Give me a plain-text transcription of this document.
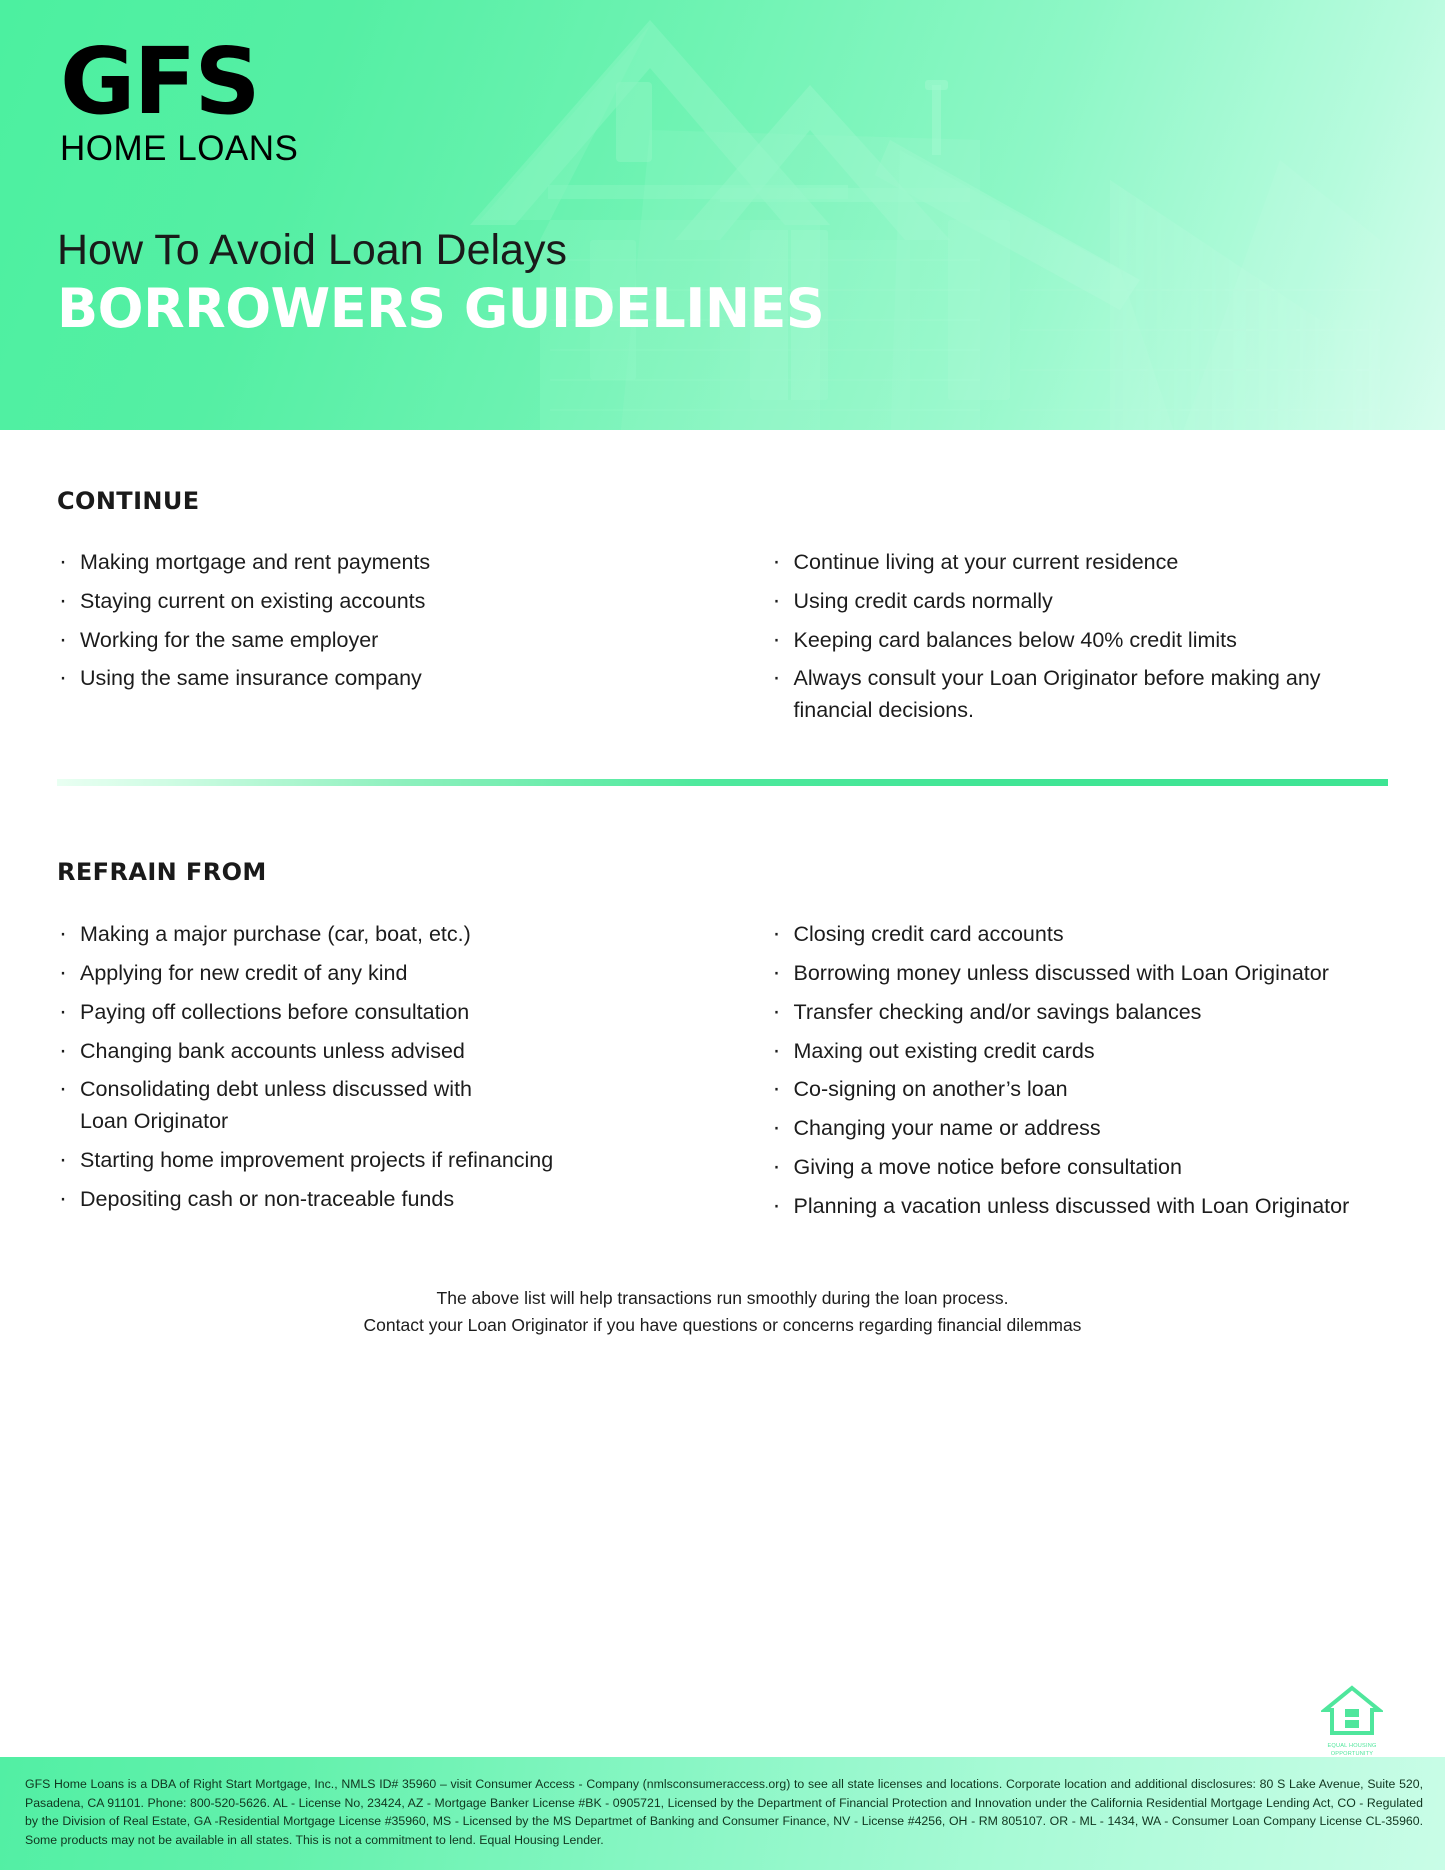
GFS
HOME LOANS
How To Avoid Loan Delays
BORROWERS GUIDELINES
CONTINUE
· Making mortgage and rent payments
· Staying current on existing accounts
· Working for the same employer
· Using the same insurance company
· Continue living at your current residence
· Using credit cards normally
· Keeping card balances below 40% credit limits
· Always consult your Loan Originator before making any financial decisions.
REFRAIN FROM
· Making a major purchase (car, boat, etc.)
· Applying for new credit of any kind
· Paying off collections before consultation
· Changing bank accounts unless advised
· Consolidating debt unless discussed with Loan Originator
· Starting home improvement projects if refinancing
· Depositing cash or non-traceable funds
· Closing credit card accounts
· Borrowing money unless discussed with Loan Originator
· Transfer checking and/or savings balances
· Maxing out existing credit cards
· Co-signing on another’s loan
· Changing your name or address
· Giving a move notice before consultation
· Planning a vacation unless discussed with Loan Originator
The above list will help transactions run smoothly during the loan process.
Contact your Loan Originator if you have questions or concerns regarding financial dilemmas
EQUAL HOUSING
OPPORTUNITY
GFS Home Loans is a DBA of Right Start Mortgage, Inc., NMLS ID# 35960 – visit Consumer Access - Company (nmlsconsumeraccess.org) to see all state licenses and locations. Corporate location and additional disclosures: 80 S Lake Avenue, Suite 520, Pasadena, CA 91101. Phone: 800-520-5626. AL - License No, 23424, AZ - Mortgage Banker License #BK - 0905721, Licensed by the Department of Financial Protection and Innovation under the California Residential Mortgage Lending Act, CO - Regulated by the Division of Real Estate, GA -Residential Mortgage License #35960, MS - Licensed by the MS Departmet of Banking and Consumer Finance, NV - License #4256, OH - RM 805107. OR - ML - 1434, WA - Consumer Loan Company License CL-35960. Some products may not be available in all states. This is not a commitment to lend. Equal Housing Lender.
